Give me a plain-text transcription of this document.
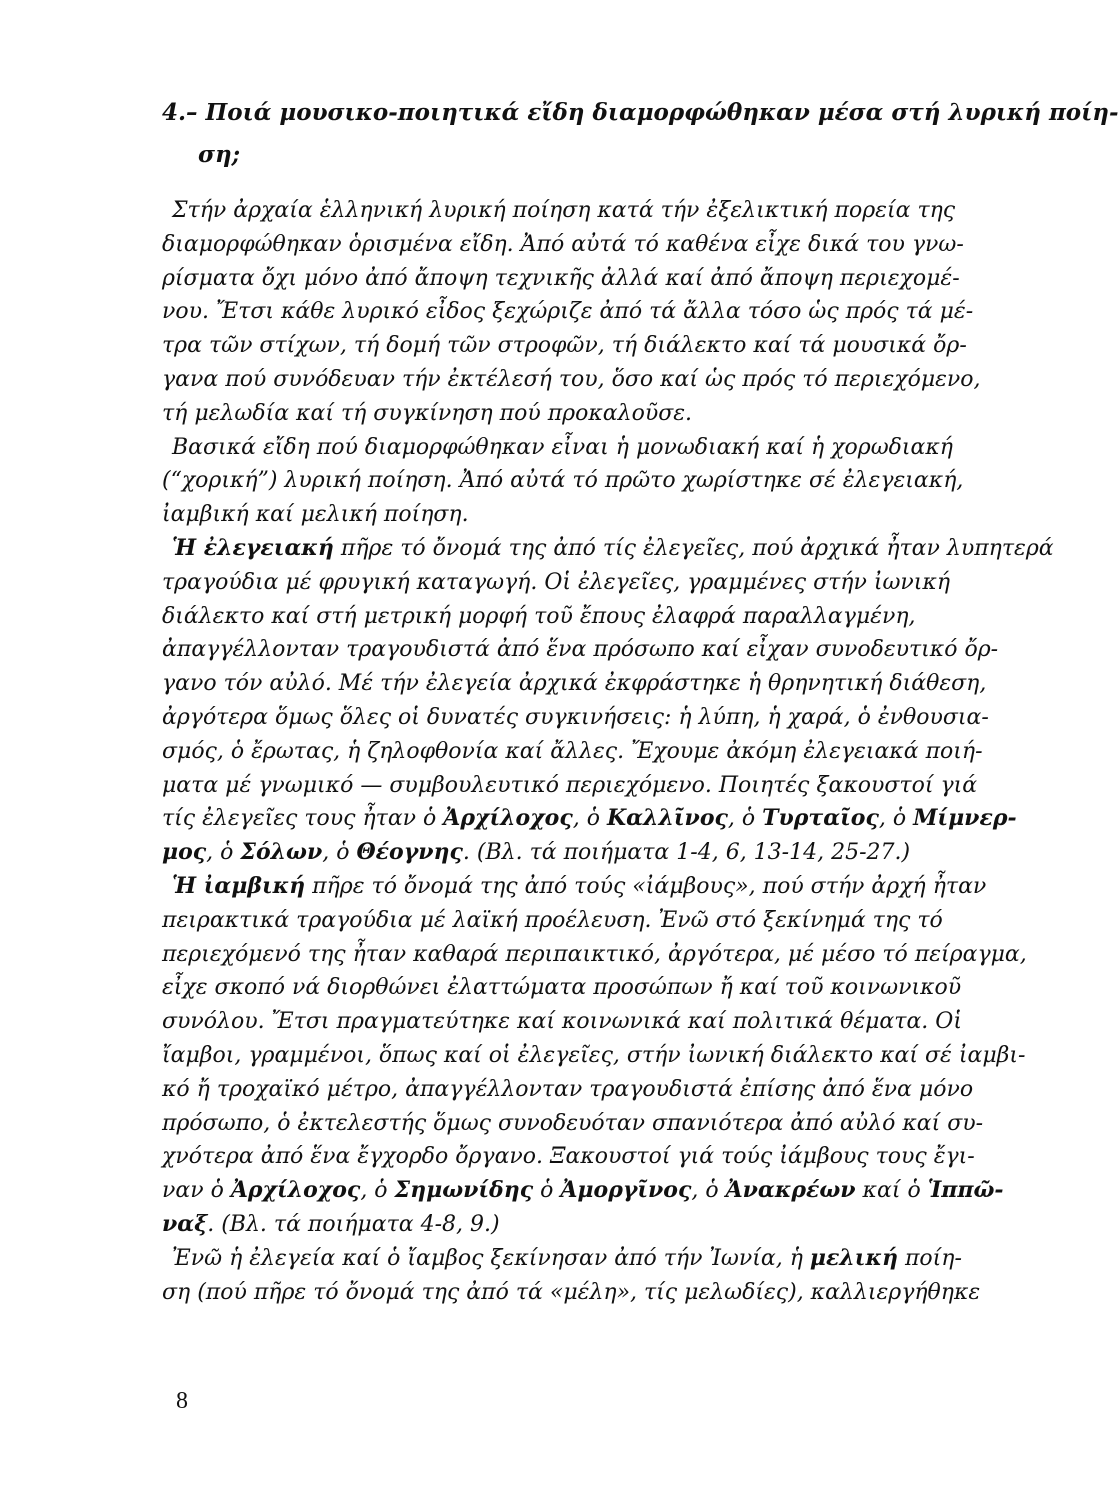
4.– Ποιά μουσικο-ποιητικά εἴδη διαμορφώθηκαν μέσα στή λυρική ποίη-
ση;
Στήν ἀρχαία ἑλληνική λυρική ποίηση κατά τήν ἐξελικτική πορεία της
διαμορφώθηκαν ὁρισμένα εἴδη. Ἀπό αὐτά τό καθένα εἶχε δικά του γνω-
ρίσματα ὄχι μόνο ἀπό ἄποψη τεχνικῆς ἀλλά καί ἀπό ἄποψη περιεχομέ-
νου. Ἔτσι κάθε λυρικό εἶδος ξεχώριζε ἀπό τά ἄλλα τόσο ὡς πρός τά μέ-
τρα τῶν στίχων, τή δομή τῶν στροφῶν, τή διάλεκτο καί τά μουσικά ὄρ-
γανα πού συνόδευαν τήν ἐκτέλεσή του, ὅσο καί ὡς πρός τό περιεχόμενο,
τή μελωδία καί τή συγκίνηση πού προκαλοῦσε.
Βασικά εἴδη πού διαμορφώθηκαν εἶναι ἡ μονωδιακή καί ἡ χορωδιακή
(“χορική”) λυρική ποίηση. Ἀπό αὐτά τό πρῶτο χωρίστηκε σέ ἐλεγειακή,
ἰαμβική καί μελική ποίηση.
Ἡ ἐλεγειακή πῆρε τό ὄνομά της ἀπό τίς ἐλεγεῖες, πού ἀρχικά ἦταν λυπητερά
τραγούδια μέ φρυγική καταγωγή. Οἱ ἐλεγεῖες, γραμμένες στήν ἰωνική
διάλεκτο καί στή μετρική μορφή τοῦ ἔπους ἐλαφρά παραλλαγμένη,
ἀπαγγέλλονταν τραγουδιστά ἀπό ἕνα πρόσωπο καί εἶχαν συνοδευτικό ὄρ-
γανο τόν αὐλό. Μέ τήν ἐλεγεία ἀρχικά ἐκφράστηκε ἡ θρηνητική διάθεση,
ἀργότερα ὅμως ὅλες οἱ δυνατές συγκινήσεις: ἡ λύπη, ἡ χαρά, ὁ ἐνθουσια-
σμός, ὁ ἔρωτας, ἡ ζηλοφθονία καί ἄλλες. Ἔχουμε ἀκόμη ἐλεγειακά ποιή-
ματα μέ γνωμικό — συμβουλευτικό περιεχόμενο. Ποιητές ξακουστοί γιά
τίς ἐλεγεῖες τους ἦταν ὁ Ἀρχίλοχος, ὁ Καλλῖνος, ὁ Τυρταῖος, ὁ Μίμνερ-
μος, ὁ Σόλων, ὁ Θέογνης. (Βλ. τά ποιήματα 1-4, 6, 13-14, 25-27.)
Ἡ ἰαμβική πῆρε τό ὄνομά της ἀπό τούς «ἰάμβους», πού στήν ἀρχή ἦταν
πειρακτικά τραγούδια μέ λαϊκή προέλευση. Ἐνῶ στό ξεκίνημά της τό
περιεχόμενό της ἦταν καθαρά περιπαικτικό, ἀργότερα, μέ μέσο τό πείραγμα,
εἶχε σκοπό νά διορθώνει ἐλαττώματα προσώπων ἤ καί τοῦ κοινωνικοῦ
συνόλου. Ἔτσι πραγματεύτηκε καί κοινωνικά καί πολιτικά θέματα. Οἱ
ἴαμβοι, γραμμένοι, ὅπως καί οἱ ἐλεγεῖες, στήν ἰωνική διάλεκτο καί σέ ἰαμβι-
κό ἤ τροχαϊκό μέτρο, ἀπαγγέλλονταν τραγουδιστά ἐπίσης ἀπό ἕνα μόνο
πρόσωπο, ὁ ἐκτελεστής ὅμως συνοδευόταν σπανιότερα ἀπό αὐλό καί συ-
χνότερα ἀπό ἕνα ἔγχορδο ὄργανο. Ξακουστοί γιά τούς ἰάμβους τους ἔγι-
ναν ὁ Ἀρχίλοχος, ὁ Σημωνίδης ὁ Ἀμοργῖνος, ὁ Ἀνακρέων καί ὁ Ἱππῶ-
ναξ. (Βλ. τά ποιήματα 4-8, 9.)
Ἐνῶ ἡ ἐλεγεία καί ὁ ἴαμβος ξεκίνησαν ἀπό τήν Ἰωνία, ἡ μελική ποίη-
ση (πού πῆρε τό ὄνομά της ἀπό τά «μέλη», τίς μελωδίες), καλλιεργήθηκε
8
